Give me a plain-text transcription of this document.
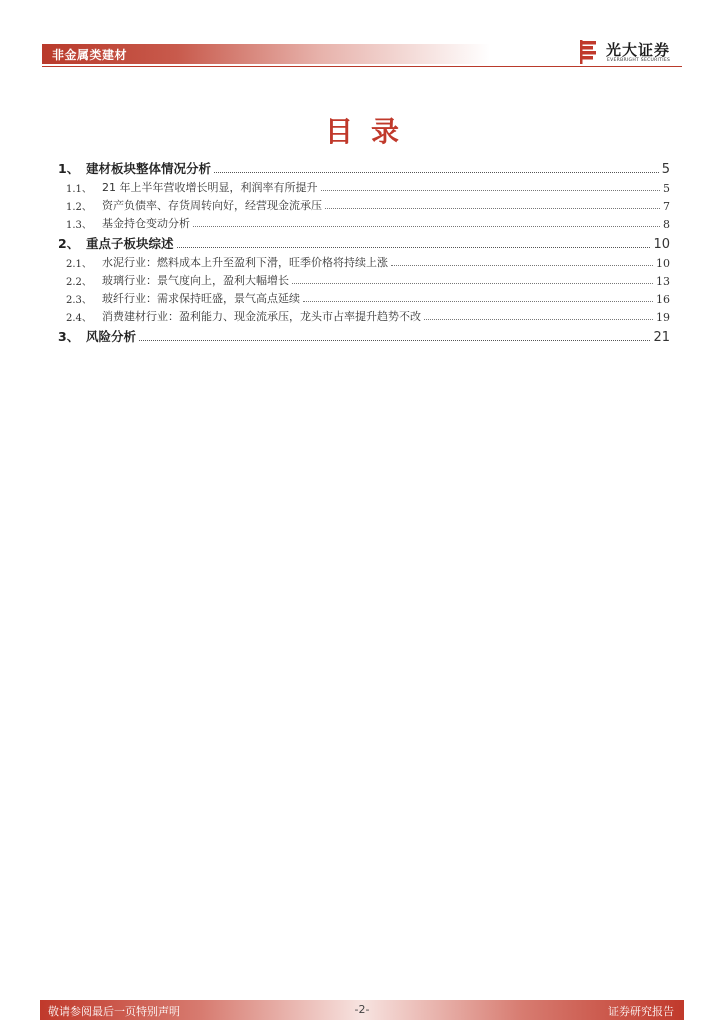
非金属类建材	光大证券
EVERBRIGHT SECURITIES
目录
1、 建材板块整体情况分析	5
1.1、 21 年上半年营收增长明显，利润率有所提升	5
1.2、 资产负债率、存货周转向好，经营现金流承压	7
1.3、 基金持仓变动分析	8
2、 重点子板块综述	10
2.1、 水泥行业：燃料成本上升至盈利下滑，旺季价格将持续上涨	10
2.2、 玻璃行业：景气度向上，盈利大幅增长	13
2.3、 玻纤行业：需求保持旺盛，景气高点延续	16
2.4、 消费建材行业：盈利能力、现金流承压，龙头市占率提升趋势不改	19
3、 风险分析	21
敬请参阅最后一页特别声明	-2-	证券研究报告
